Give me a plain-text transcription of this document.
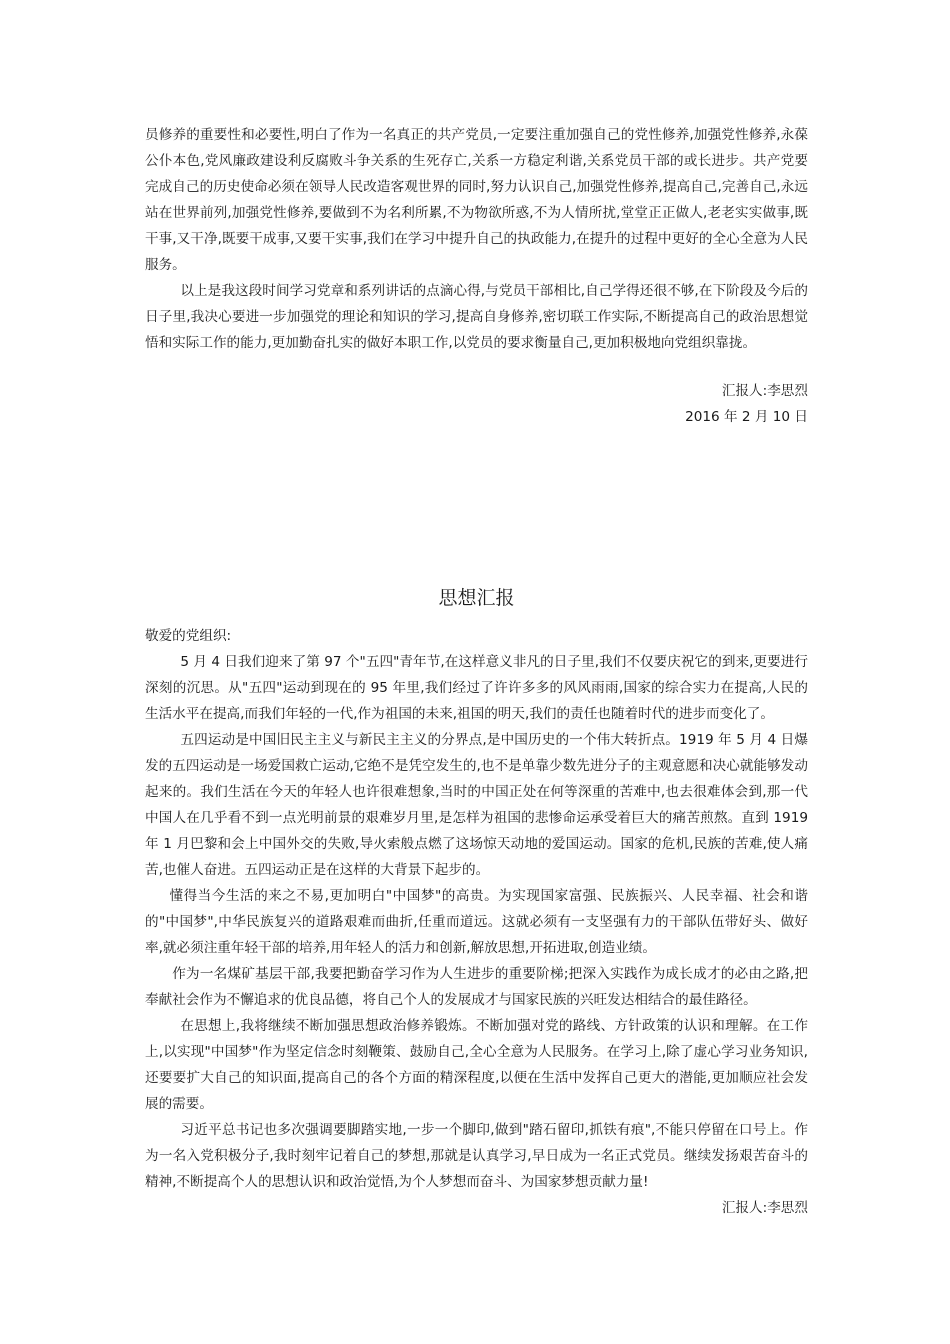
员修养的重要性和必要性,明白了作为一名真正的共产党员,一定要注重加强自己的党性修养,加强党性修养,永葆公仆本色,党风廉政建设利反腐败斗争关系的生死存亡,关系一方稳定利谐,关系党员干部的或长进步。共产党要完成自己的历史使命必须在领导人民改造客观世界的同时,努力认识自己,加强党性修养,提高自己,完善自己,永远站在世界前列,加强党性修养,要做到不为名利所累,不为物欲所惑,不为人情所扰,堂堂正正做人,老老实实做事,既干事,又干净,既要干成事,又要干实事,我们在学习中提升自己的执政能力,在提升的过程中更好的全心全意为人民服务。

以上是我这段时间学习党章和系列讲话的点滴心得,与党员干部相比,自己学得还很不够,在下阶段及今后的日子里,我决心要进一步加强党的理论和知识的学习,提高自身修养,密切联工作实际,不断提高自己的政治思想觉悟和实际工作的能力,更加勤奋扎实的做好本职工作,以党员的要求衡量自己,更加积极地向党组织靠拢。

汇报人:李思烈

2016 年 2 月 10 日

思想汇报

敬爱的党组织:

5 月 4 日我们迎来了第 97 个"五四"青年节,在这样意义非凡的日子里,我们不仅要庆祝它的到来,更要进行深刻的沉思。从"五四"运动到现在的 95 年里,我们经过了许许多多的风风雨雨,国家的综合实力在提高,人民的生活水平在提高,而我们年轻的一代,作为祖国的未来,祖国的明天,我们的责任也随着时代的进步而变化了。

五四运动是中国旧民主主义与新民主主义的分界点,是中国历史的一个伟大转折点。1919 年 5 月 4 日爆发的五四运动是一场爱国救亡运动,它绝不是凭空发生的,也不是单靠少数先进分子的主观意愿和决心就能够发动起来的。我们生活在今天的年轻人也许很难想象,当时的中国正处在何等深重的苦难中,也去很难体会到,那一代中国人在几乎看不到一点光明前景的艰难岁月里,是怎样为祖国的悲惨命运承受着巨大的痛苦煎熬。直到 1919 年 1 月巴黎和会上中国外交的失败,导火索般点燃了这场惊天动地的爱国运动。国家的危机,民族的苦难,使人痛苦,也催人奋进。五四运动正是在这样的大背景下起步的。

懂得当今生活的来之不易,更加明白"中国梦"的高贵。为实现国家富强、民族振兴、人民幸福、社会和谐的"中国梦",中华民族复兴的道路艰难而曲折,任重而道远。这就必须有一支坚强有力的干部队伍带好头、做好率,就必须注重年轻干部的培养,用年轻人的活力和创新,解放思想,开拓进取,创造业绩。

作为一名煤矿基层干部,我要把勤奋学习作为人生进步的重要阶梯;把深入实践作为成长成才的必由之路,把奉献社会作为不懈追求的优良品德，将自己个人的发展成才与国家民族的兴旺发达相结合的最佳路径。

在思想上,我将继续不断加强思想政治修养锻炼。不断加强对党的路线、方针政策的认识和理解。在工作上,以实现"中国梦"作为坚定信念时刻鞭策、鼓励自己,全心全意为人民服务。在学习上,除了虚心学习业务知识,还要要扩大自己的知识面,提高自己的各个方面的精深程度,以便在生活中发挥自己更大的潜能,更加顺应社会发展的需要。

习近平总书记也多次强调要脚踏实地,一步一个脚印,做到"踏石留印,抓铁有痕",不能只停留在口号上。作为一名入党积极分子,我时刻牢记着自己的梦想,那就是认真学习,早日成为一名正式党员。继续发扬艰苦奋斗的精神,不断提高个人的思想认识和政治觉悟,为个人梦想而奋斗、为国家梦想贡献力量!

汇报人:李思烈
